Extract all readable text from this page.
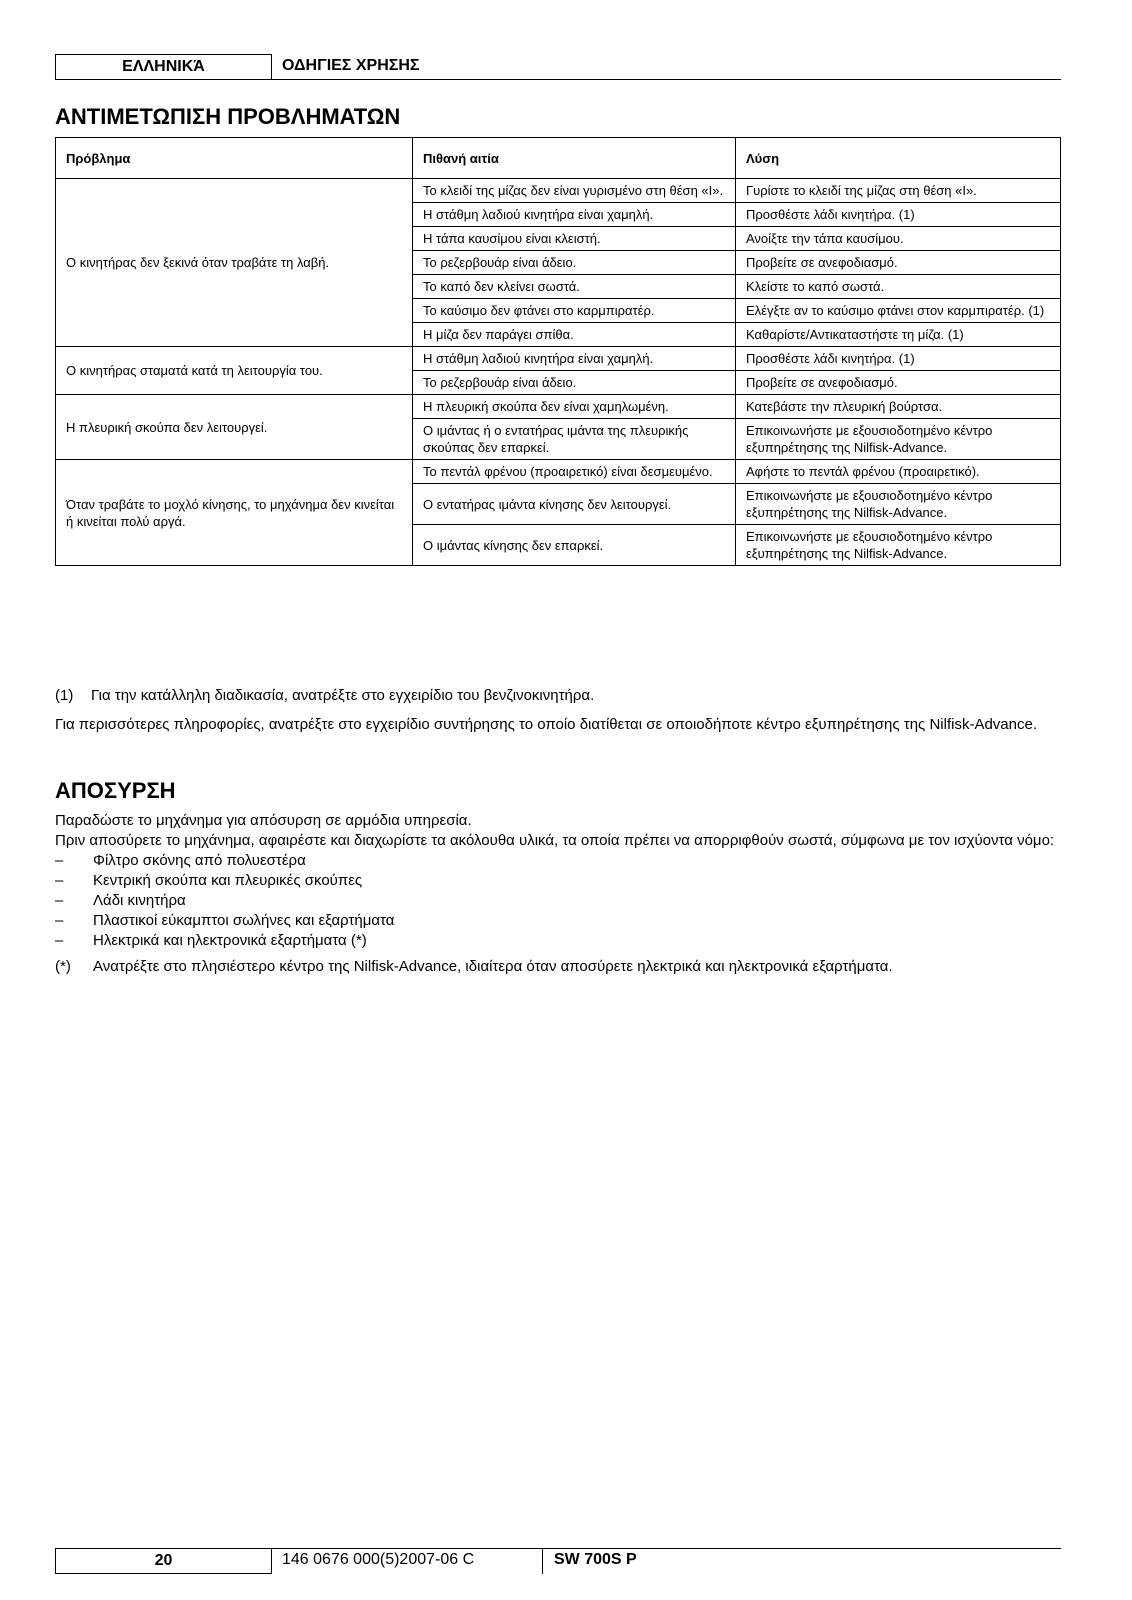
ΕΛΛΗΝΙΚΆ	ΟΔΗΓΙΕΣ ΧΡΗΣΗΣ
ΑΝΤΙΜΕΤΩΠΙΣΗ ΠΡΟΒΛΗΜΑΤΩΝ
Πρόβλημα	Πιθανή αιτία	Λύση
Ο κινητήρας δεν ξεκινά όταν τραβάτε τη λαβή.	Το κλειδί της μίζας δεν είναι γυρισμένο στη θέση «I».	Γυρίστε το κλειδί της μίζας στη θέση «I».
	Η στάθμη λαδιού κινητήρα είναι χαμηλή.	Προσθέστε λάδι κινητήρα. (1)
	Η τάπα καυσίμου είναι κλειστή.	Ανοίξτε την τάπα καυσίμου.
	Το ρεζερβουάρ είναι άδειο.	Προβείτε σε ανεφοδιασμό.
	Το καπό δεν κλείνει σωστά.	Κλείστε το καπό σωστά.
	Το καύσιμο δεν φτάνει στο καρμπιρατέρ.	Ελέγξτε αν το καύσιμο φτάνει στον καρμπιρατέρ. (1)
	Η μίζα δεν παράγει σπίθα.	Καθαρίστε/Αντικαταστήστε τη μίζα. (1)
Ο κινητήρας σταματά κατά τη λειτουργία του.	Η στάθμη λαδιού κινητήρα είναι χαμηλή.	Προσθέστε λάδι κινητήρα. (1)
	Το ρεζερβουάρ είναι άδειο.	Προβείτε σε ανεφοδιασμό.
Η πλευρική σκούπα δεν λειτουργεί.	Η πλευρική σκούπα δεν είναι χαμηλωμένη.	Κατεβάστε την πλευρική βούρτσα.
	Ο ιμάντας ή ο εντατήρας ιμάντα της πλευρικής σκούπας δεν επαρκεί.	Επικοινωνήστε με εξουσιοδοτημένο κέντρο εξυπηρέτησης της Nilfisk-Advance.
Όταν τραβάτε το μοχλό κίνησης, το μηχάνημα δεν κινείται ή κινείται πολύ αργά.	Το πεντάλ φρένου (προαιρετικό) είναι δεσμευμένο.	Αφήστε το πεντάλ φρένου (προαιρετικό).
	Ο εντατήρας ιμάντα κίνησης δεν λειτουργεί.	Επικοινωνήστε με εξουσιοδοτημένο κέντρο εξυπηρέτησης της Nilfisk-Advance.
	Ο ιμάντας κίνησης δεν επαρκεί.	Επικοινωνήστε με εξουσιοδοτημένο κέντρο εξυπηρέτησης της Nilfisk-Advance.
(1) Για την κατάλληλη διαδικασία, ανατρέξτε στο εγχειρίδιο του βενζινοκινητήρα.

Για περισσότερες πληροφορίες, ανατρέξτε στο εγχειρίδιο συντήρησης το οποίο διατίθεται σε οποιοδήποτε κέντρο εξυπηρέτησης της Nilfisk-Advance.

ΑΠΟΣΥΡΣΗ

Παραδώστε το μηχάνημα για απόσυρση σε αρμόδια υπηρεσία.

Πριν αποσύρετε το μηχάνημα, αφαιρέστε και διαχωρίστε τα ακόλουθα υλικά, τα οποία πρέπει να απορριφθούν σωστά, σύμφωνα με τον ισχύοντα νόμο:

– Φίλτρο σκόνης από πολυεστέρα
– Κεντρική σκούπα και πλευρικές σκούπες
– Λάδι κινητήρα
– Πλαστικοί εύκαμπτοι σωλήνες και εξαρτήματα
– Ηλεκτρικά και ηλεκτρονικά εξαρτήματα (*)

(*) Ανατρέξτε στο πλησιέστερο κέντρο της Nilfisk-Advance, ιδιαίτερα όταν αποσύρετε ηλεκτρικά και ηλεκτρονικά εξαρτήματα.

20	146 0676 000(5)2007-06 C	SW 700S P
